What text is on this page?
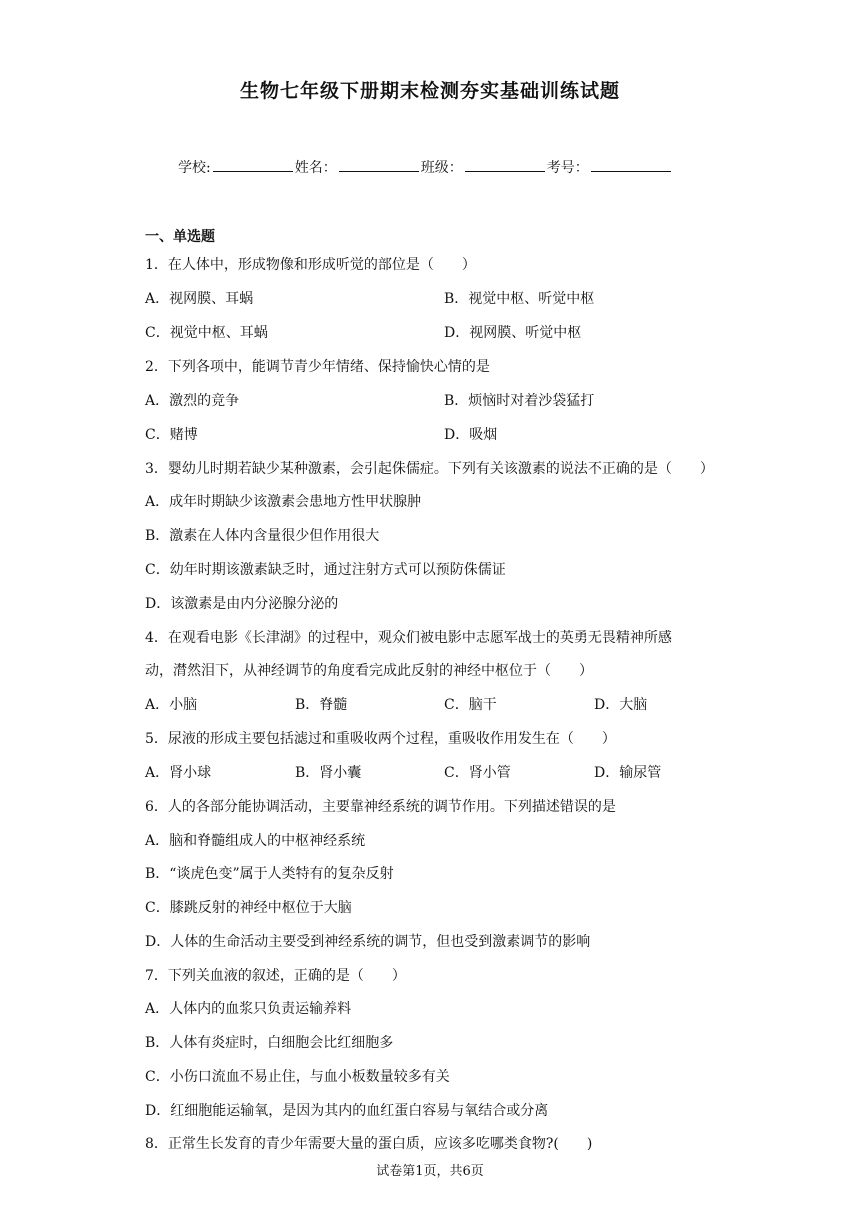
生物七年级下册期末检测夯实基础训练试题
学校:	姓名：	班级：	考号：
一、单选题
1．在人体中，形成物像和形成听觉的部位是（　　）
A．视网膜、耳蜗	B．视觉中枢、听觉中枢
C．视觉中枢、耳蜗	D．视网膜、听觉中枢
2．下列各项中，能调节青少年情绪、保持愉快心情的是
A．激烈的竞争	B．烦恼时对着沙袋猛打
C．赌博	D．吸烟
3．婴幼儿时期若缺少某种激素，会引起侏儒症。下列有关该激素的说法不正确的是（　　）
A．成年时期缺少该激素会患地方性甲状腺肿
B．激素在人体内含量很少但作用很大
C．幼年时期该激素缺乏时，通过注射方式可以预防侏儒证
D．该激素是由内分泌腺分泌的
4．在观看电影《长津湖》的过程中，观众们被电影中志愿军战士的英勇无畏精神所感
动，潸然泪下，从神经调节的角度看完成此反射的神经中枢位于（　　）
A．小脑	B．脊髓	C．脑干	D．大脑
5．尿液的形成主要包括滤过和重吸收两个过程，重吸收作用发生在（　　）
A．肾小球	B．肾小囊	C．肾小管	D．输尿管
6．人的各部分能协调活动，主要靠神经系统的调节作用。下列描述错误的是
A．脑和脊髓组成人的中枢神经系统
B．“谈虎色变”属于人类特有的复杂反射
C．膝跳反射的神经中枢位于大脑
D．人体的生命活动主要受到神经系统的调节，但也受到激素调节的影响
7．下列关血液的叙述，正确的是（　　）
A．人体内的血浆只负责运输养料
B．人体有炎症时，白细胞会比红细胞多
C．小伤口流血不易止住，与血小板数量较多有关
D．红细胞能运输氧，是因为其内的血红蛋白容易与氧结合或分离
8．正常生长发育的青少年需要大量的蛋白质，应该多吃哪类食物?(　　)
试卷第1页，共6页
